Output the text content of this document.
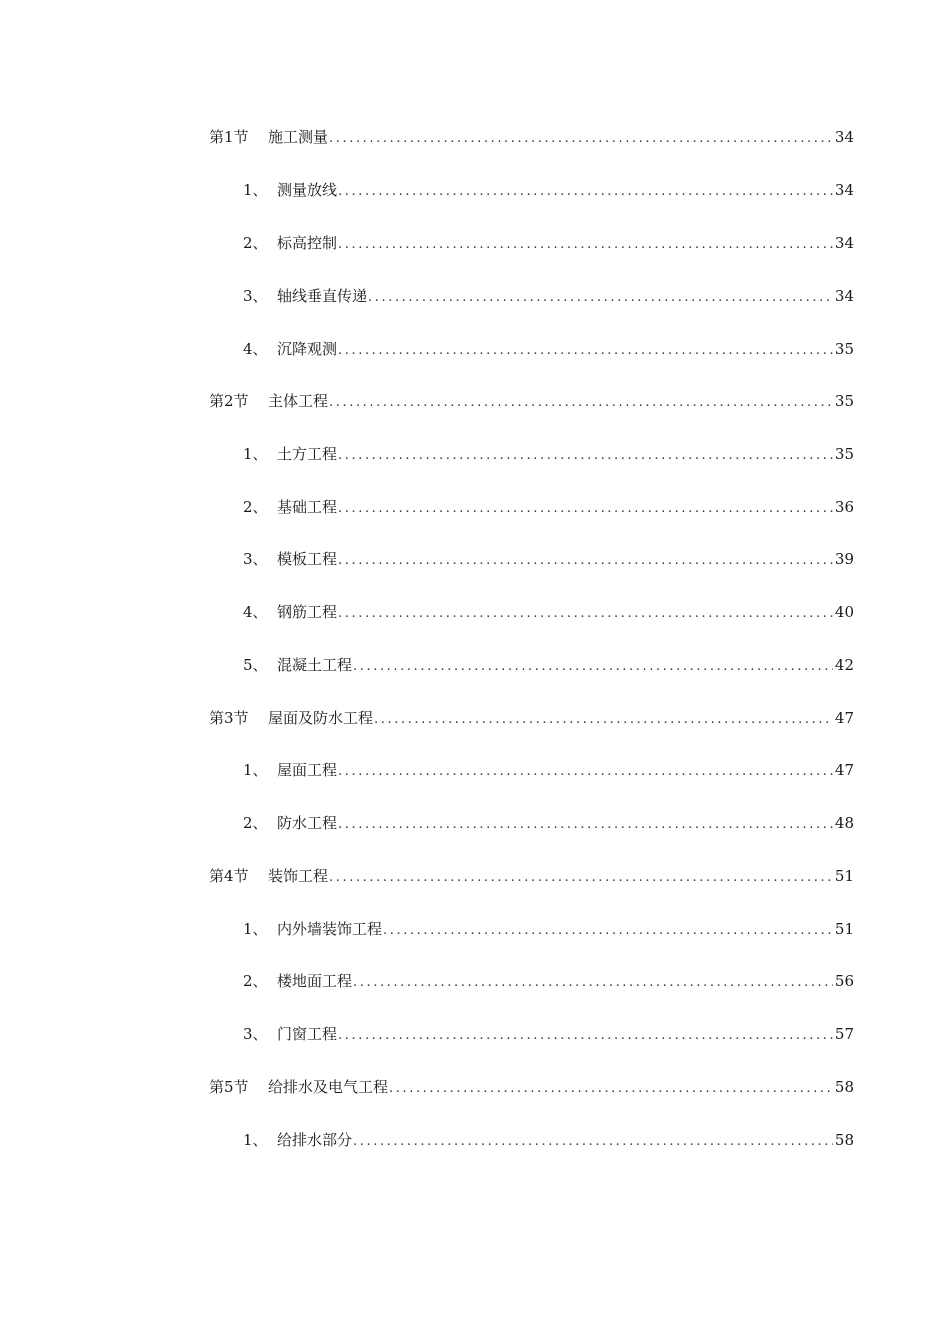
第1节	施工测量 .....	34
1、 测量放线 .....	34
2、 标高控制 .....	34
3、 轴线垂直传递 .....	34
4、 沉降观测 .....	35
第2节	主体工程 .....	35
1、 土方工程 .....	35
2、 基础工程 .....	36
3、 模板工程 .....	39
4、 钢筋工程 .....	40
5、 混凝土工程 .....	42
第3节	屋面及防水工程 .....	47
1、 屋面工程 .....	47
2、 防水工程 .....	48
第4节	装饰工程 .....	51
1、 内外墙装饰工程 .....	51
2、 楼地面工程 .....	56
3、 门窗工程 .....	57
第5节	给排水及电气工程 .....	58
1、 给排水部分 .....	58
